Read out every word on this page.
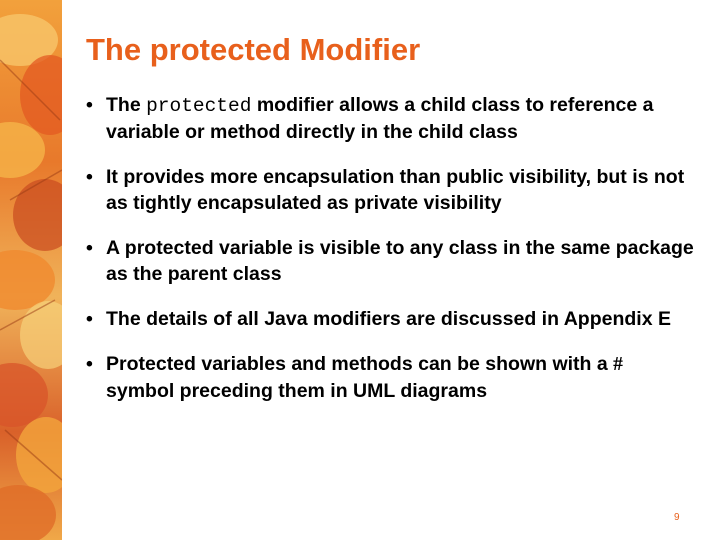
The protected Modifier
• The protected modifier allows a child class to reference a variable or method directly in the child class
• It provides more encapsulation than public visibility, but is not as tightly encapsulated as private visibility
• A protected variable is visible to any class in the same package as the parent class
• The details of all Java modifiers are discussed in Appendix E
• Protected variables and methods can be shown with a # symbol preceding them in UML diagrams
9
